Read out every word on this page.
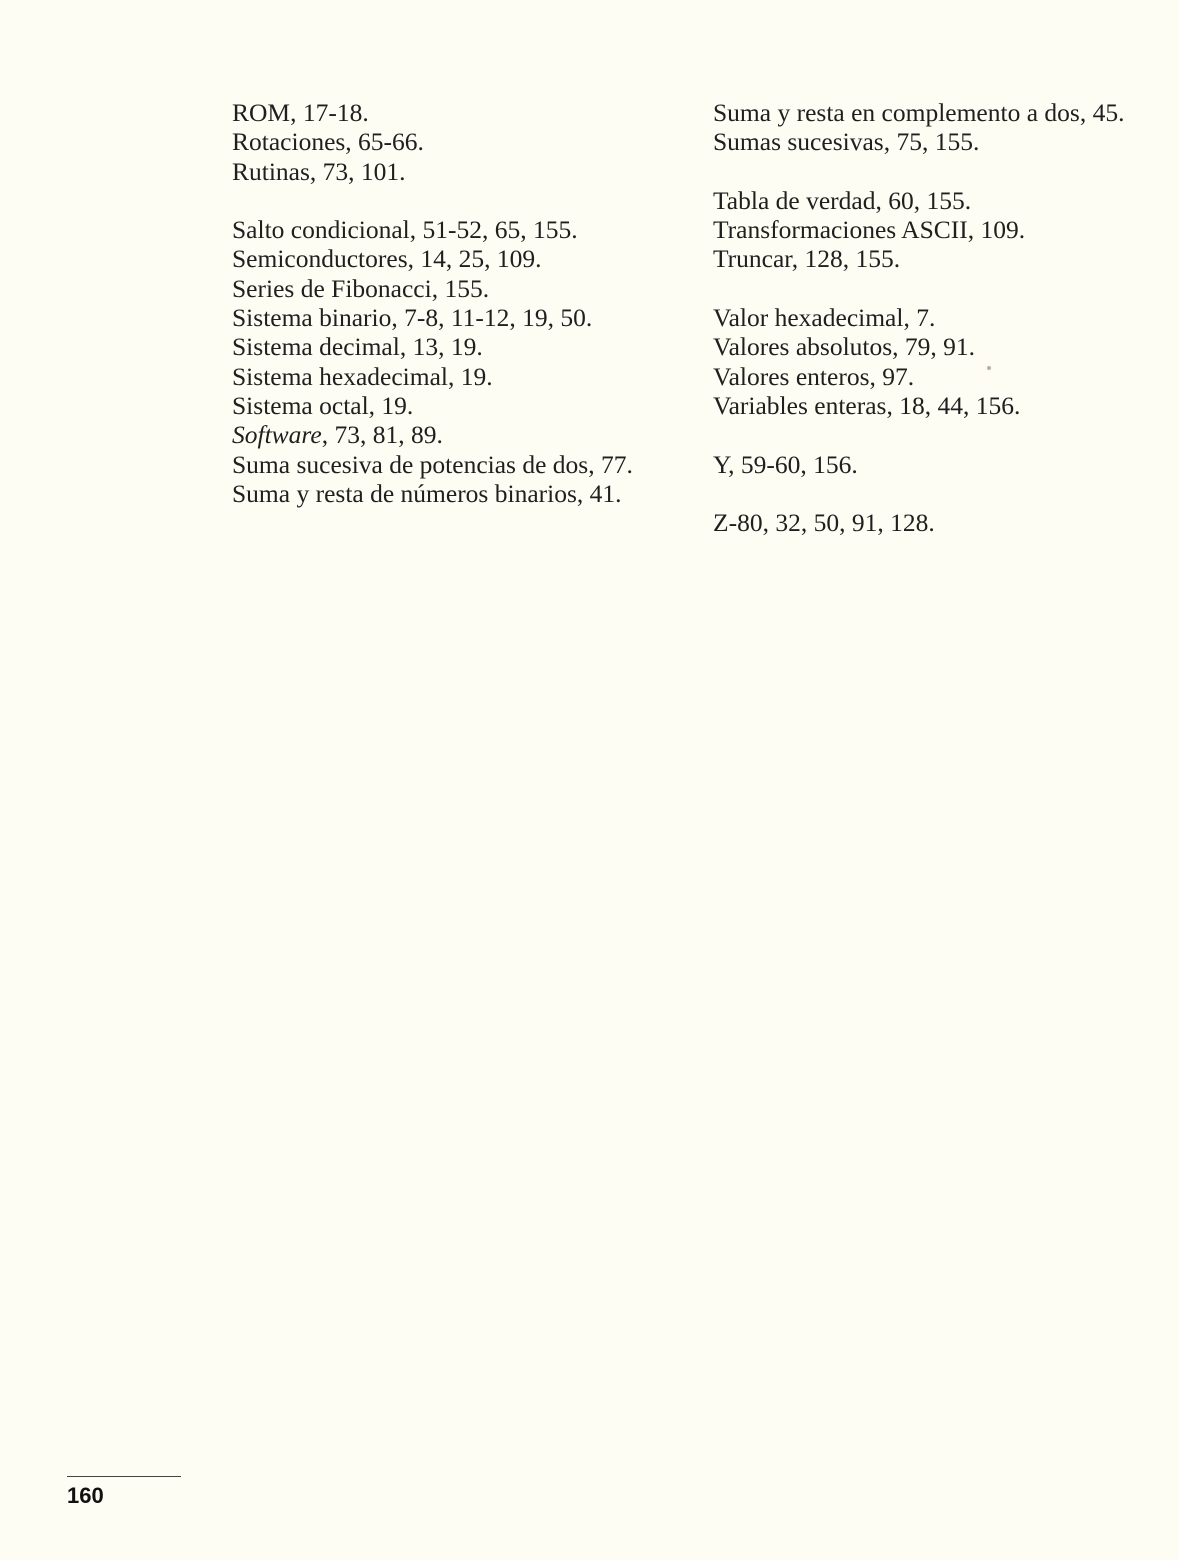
ROM, 17-18.

Rotaciones, 65-66.

Rutinas, 73, 101.

Salto condicional, 51-52, 65, 155.

Semiconductores, 14, 25, 109.

Series de Fibonacci, 155.

Sistema binario, 7-8, 11-12, 19, 50.

Sistema decimal, 13, 19.

Sistema hexadecimal, 19.

Sistema octal, 19.

Software, 73, 81, 89.

Suma sucesiva de potencias de dos, 77.

Suma y resta de números binarios, 41.

Suma y resta en complemento a dos, 45.

Sumas sucesivas, 75, 155.

Tabla de verdad, 60, 155.

Transformaciones ASCII, 109.

Truncar, 128, 155.

Valor hexadecimal, 7.

Valores absolutos, 79, 91.

Valores enteros, 97.

Variables enteras, 18, 44, 156.

Y, 59-60, 156.

Z-80, 32, 50, 91, 128.

160
